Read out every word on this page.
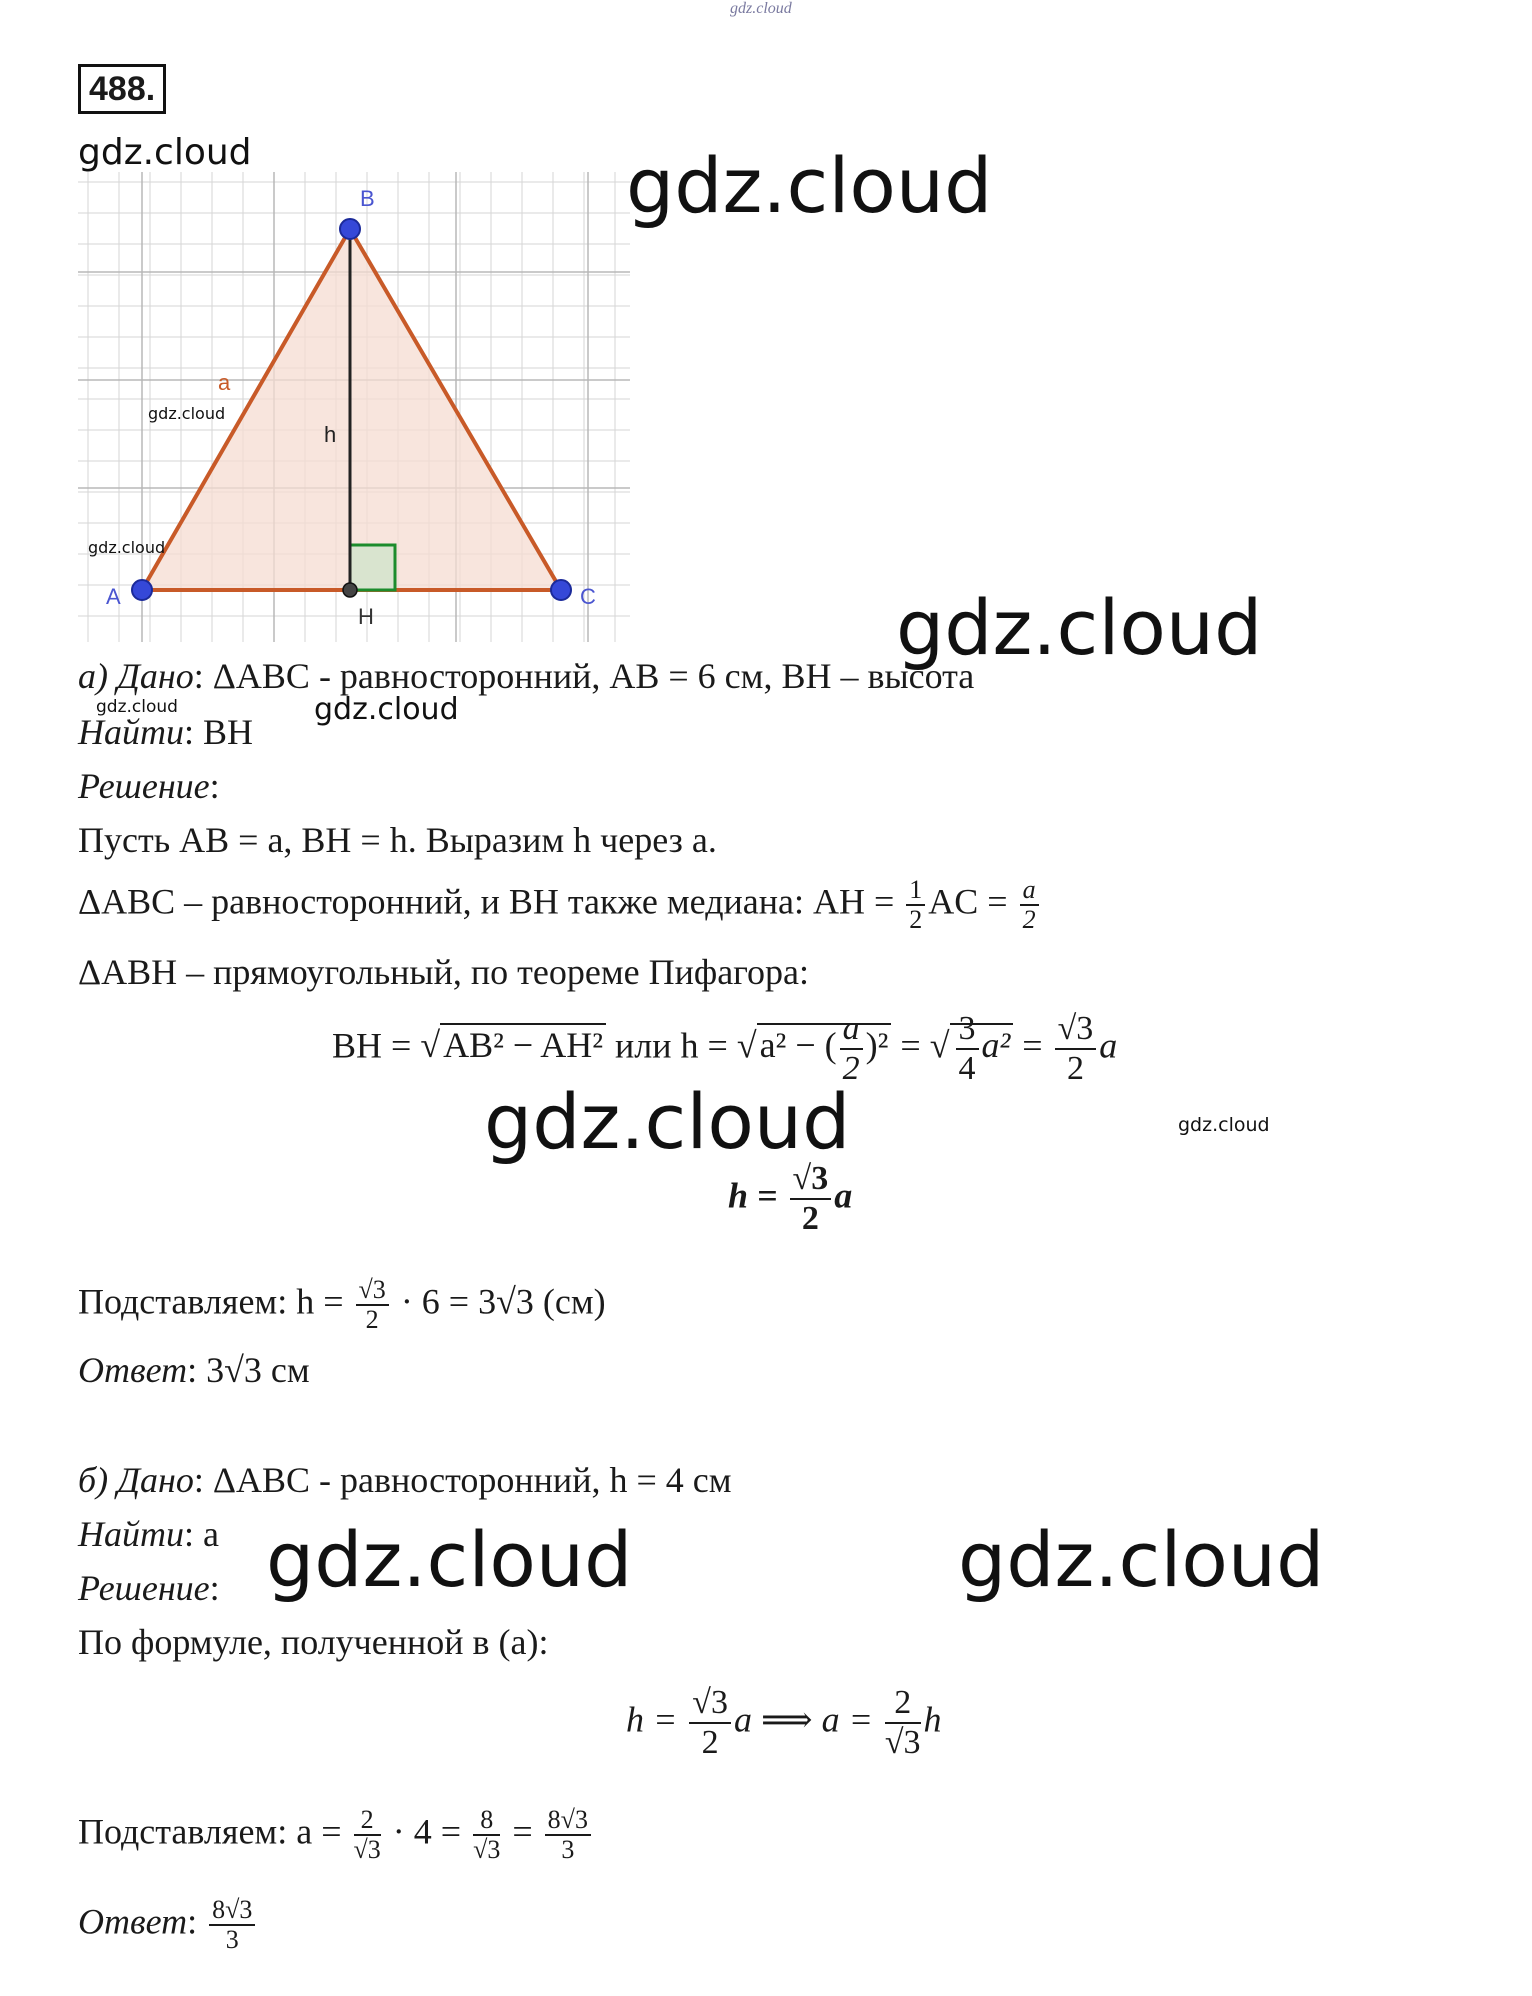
gdz.cloud
488.
gdz.cloud
B
A	C
H
a
h
gdz.cloud
gdz.cloud
gdz.cloud
gdz.cloud
а) Дано: ΔABC - равносторонний, AB = 6 см, BH – высота
gdz.cloud	gdz.cloud
Найти: BH
Решение:
Пусть AB = a, BH = h. Выразим h через a.
ΔABC – равносторонний, и BH также медиана: AH = $\frac{1}{2}$ AC = $\frac{a}{2}$
ΔABH – прямоугольный, по теореме Пифагора:
BH = √AB² − AH² или h = √a² − ( $\frac{a}{2} )^2$ = √ $\frac{3}{4} a^2 = \frac{√3}{2}$ a
gdz.cloud	gdz.cloud
$h = \frac{√3}{2}$ a
Подставляем: $h = \frac{√3}{2} \cdot 6 = 3√3$ (см)
Ответ: 3√3 см
б) Дано: ΔABC - равносторонний, h = 4 см
Найти: a
Решение: gdz.cloud	gdz.cloud
По формуле, полученной в (а):
$h = \frac{√3}{2}$ a ⟹ $a = \frac{2}{√3}$ h
Подставляем: $a = \frac{2}{√3} \cdot 4 = \frac{8}{√3} = \frac{8√3}{3}$
Ответ: $\frac{8√3}{3}$
